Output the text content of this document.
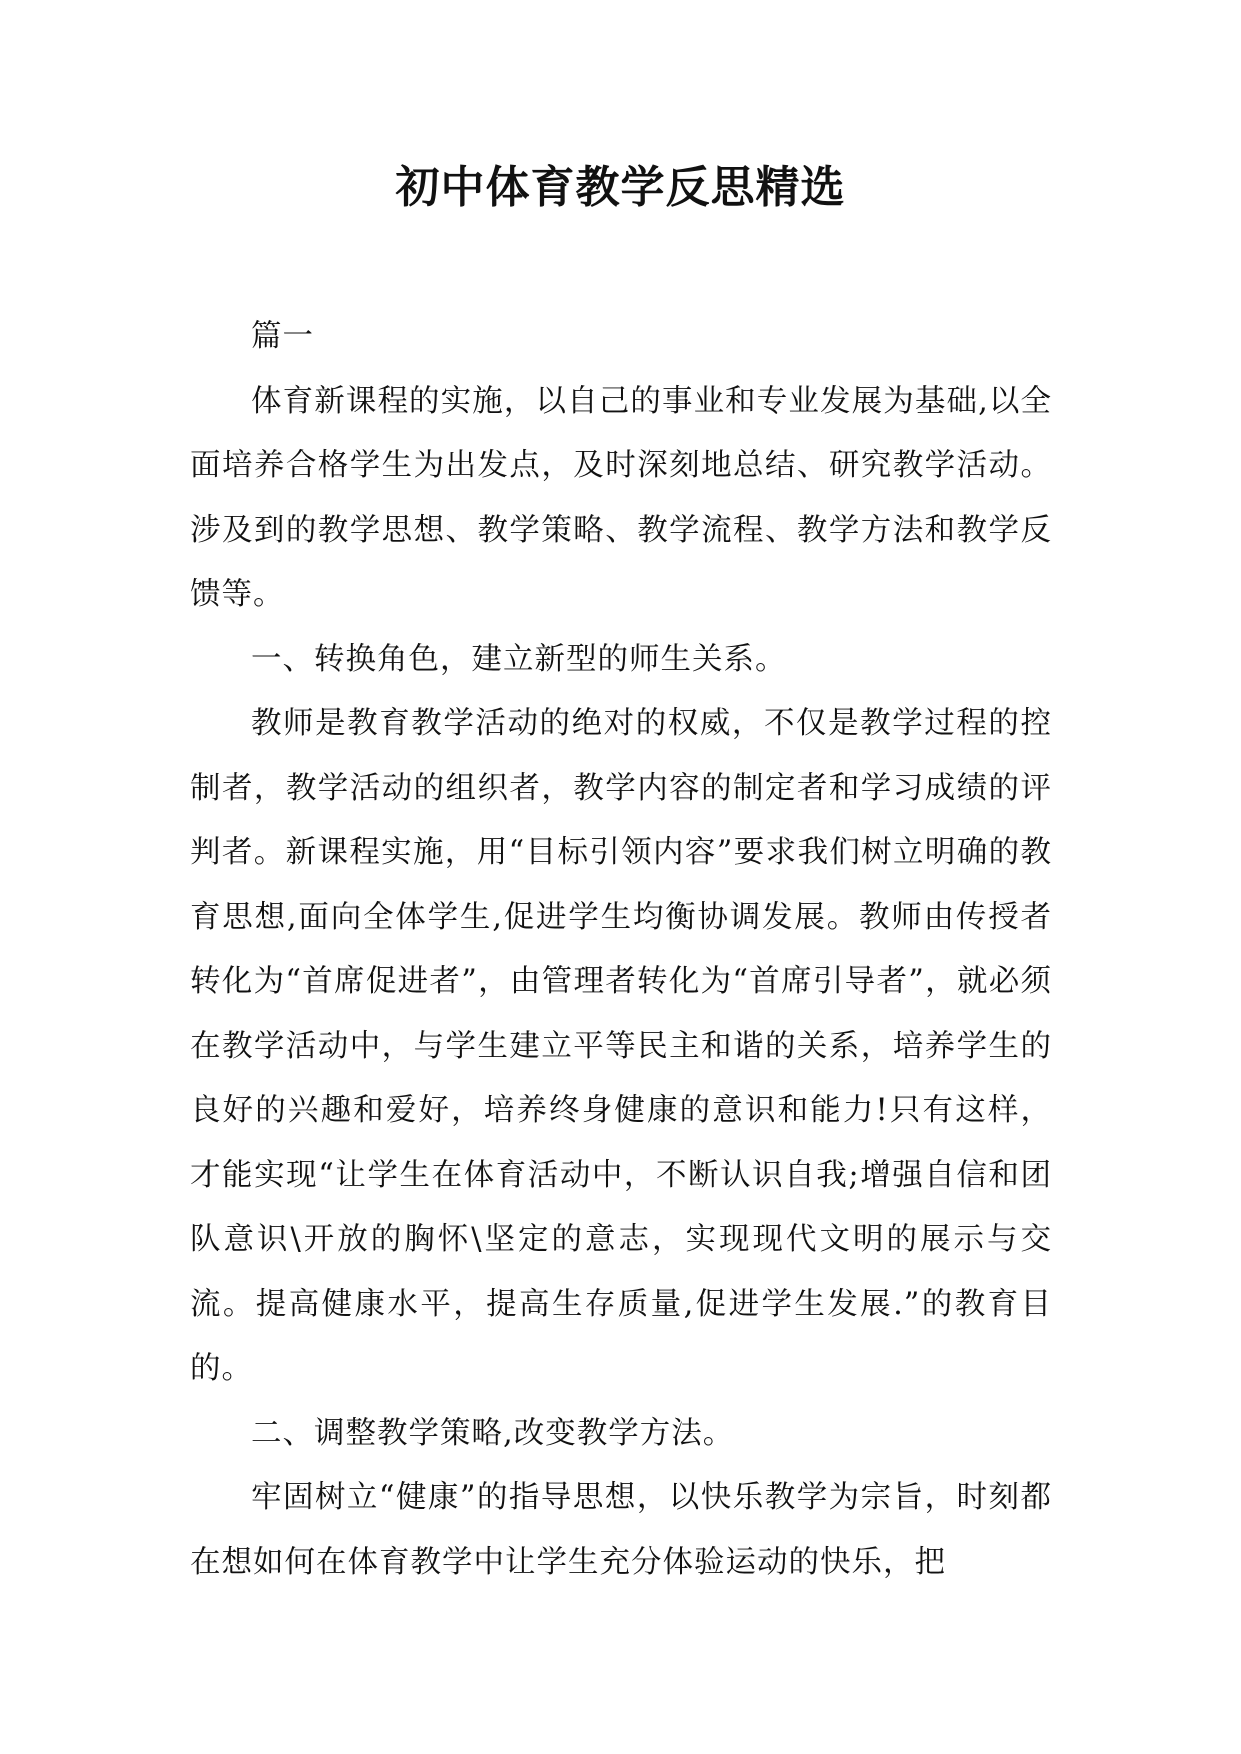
初中体育教学反思精选

篇一

体育新课程的实施，以自己的事业和专业发展为基础,以全面培养合格学生为出发点，及时深刻地总结、研究教学活动。涉及到的教学思想、教学策略、教学流程、教学方法和教学反馈等。

一、转换角色，建立新型的师生关系。

教师是教育教学活动的绝对的权威，不仅是教学过程的控制者，教学活动的组织者，教学内容的制定者和学习成绩的评判者。新课程实施，用“目标引领内容”要求我们树立明确的教育思想,面向全体学生,促进学生均衡协调发展。教师由传授者转化为“首席促进者”，由管理者转化为“首席引导者”，就必须在教学活动中，与学生建立平等民主和谐的关系，培养学生的良好的兴趣和爱好，培养终身健康的意识和能力!只有这样，才能实现“让学生在体育活动中，不断认识自我;增强自信和团队意识\开放的胸怀\坚定的意志，实现现代文明的展示与交流。提高健康水平，提高生存质量,促进学生发展.”的教育目的。

二、调整教学策略,改变教学方法。

牢固树立“健康”的指导思想，以快乐教学为宗旨，时刻都在想如何在体育教学中让学生充分体验运动的快乐，把
